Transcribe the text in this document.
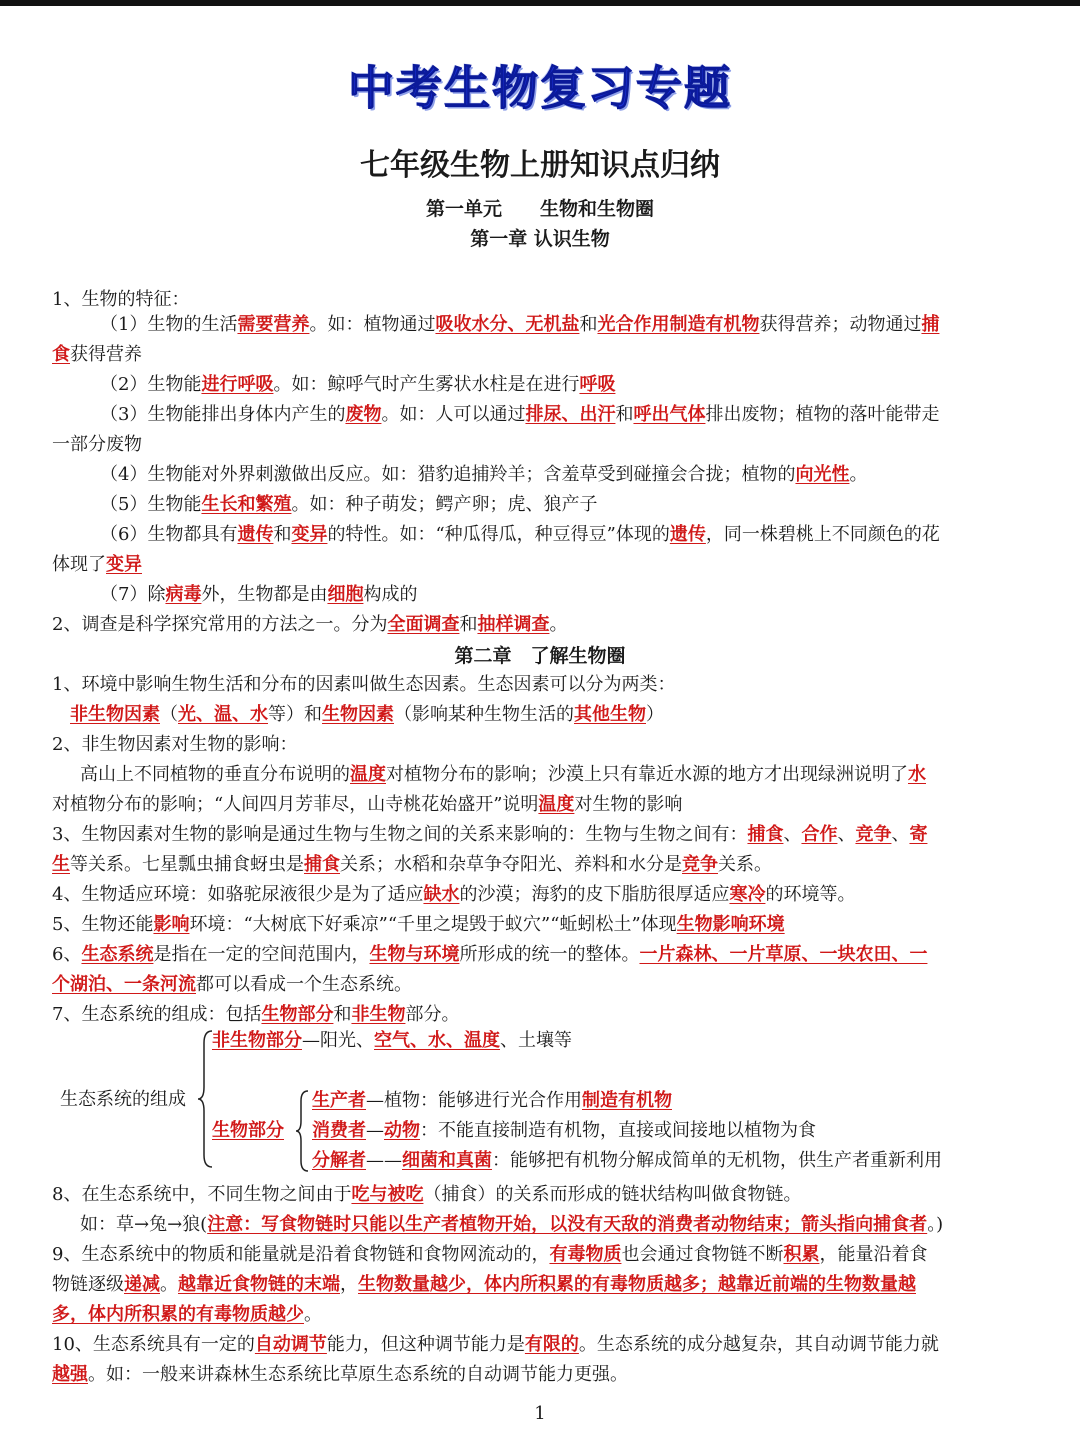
中考生物复习专题
七年级生物上册知识点归纳
第一单元　　生物和生物圈
第一章 认识生物
第二章　了解生物圈
1、生物的特征：
（1）生物的生活需要营养。如：植物通过吸收水分、无机盐和光合作用制造有机物获得营养；动物通过捕
食获得营养
（2）生物能进行呼吸。如：鲸呼气时产生雾状水柱是在进行呼吸
（3）生物能排出身体内产生的废物。如：人可以通过排尿、出汗和呼出气体排出废物；植物的落叶能带走
一部分废物
（4）生物能对外界刺激做出反应。如：猎豹追捕羚羊；含羞草受到碰撞会合拢；植物的向光性。
（5）生物能生长和繁殖。如：种子萌发；鳄产卵；虎、狼产子
（6）生物都具有遗传和变异的特性。如：“种瓜得瓜，种豆得豆”体现的遗传，同一株碧桃上不同颜色的花
体现了变异
（7）除病毒外，生物都是由细胞构成的
2、调查是科学探究常用的方法之一。分为全面调查和抽样调查。
1、环境中影响生物生活和分布的因素叫做生态因素。生态因素可以分为两类：
非生物因素（光、温、水等）和生物因素（影响某种生物生活的其他生物）
2、非生物因素对生物的影响：
高山上不同植物的垂直分布说明的温度对植物分布的影响；沙漠上只有靠近水源的地方才出现绿洲说明了水
对植物分布的影响；“人间四月芳菲尽，山寺桃花始盛开”说明温度对生物的影响
3、生物因素对生物的影响是通过生物与生物之间的关系来影响的：生物与生物之间有：捕食、合作、竞争、寄
生等关系。七星瓢虫捕食蚜虫是捕食关系；水稻和杂草争夺阳光、养料和水分是竞争关系。
4、生物适应环境：如骆驼尿液很少是为了适应缺水的沙漠；海豹的皮下脂肪很厚适应寒冷的环境等。
5、生物还能影响环境：“大树底下好乘凉”“千里之堤毁于蚁穴”“蚯蚓松土”体现生物影响环境
6、生态系统是指在一定的空间范围内，生物与环境所形成的统一的整体。一片森林、一片草原、一块农田、一
个湖泊、一条河流都可以看成一个生态系统。
7、生态系统的组成：包括生物部分和非生物部分。
8、在生态系统中，不同生物之间由于吃与被吃（捕食）的关系而形成的链状结构叫做食物链。
如：草→兔→狼(注意：写食物链时只能以生产者植物开始，以没有天敌的消费者动物结束；箭头指向捕食者。)
9、生态系统中的物质和能量就是沿着食物链和食物网流动的，有毒物质也会通过食物链不断积累，能量沿着食
物链逐级递减。越靠近食物链的末端，生物数量越少，体内所积累的有毒物质越多；越靠近前端的生物数量越
多，体内所积累的有毒物质越少。
10、生态系统具有一定的自动调节能力，但这种调节能力是有限的。生态系统的成分越复杂，其自动调节能力就
越强。如：一般来讲森林生态系统比草原生态系统的自动调节能力更强。
生态系统的组成
非生物部分—阳光、空气、水、温度、土壤等
生物部分
生产者—植物：能够进行光合作用制造有机物
消费者—动物：不能直接制造有机物，直接或间接地以植物为食
分解者——细菌和真菌：能够把有机物分解成简单的无机物，供生产者重新利用
1
